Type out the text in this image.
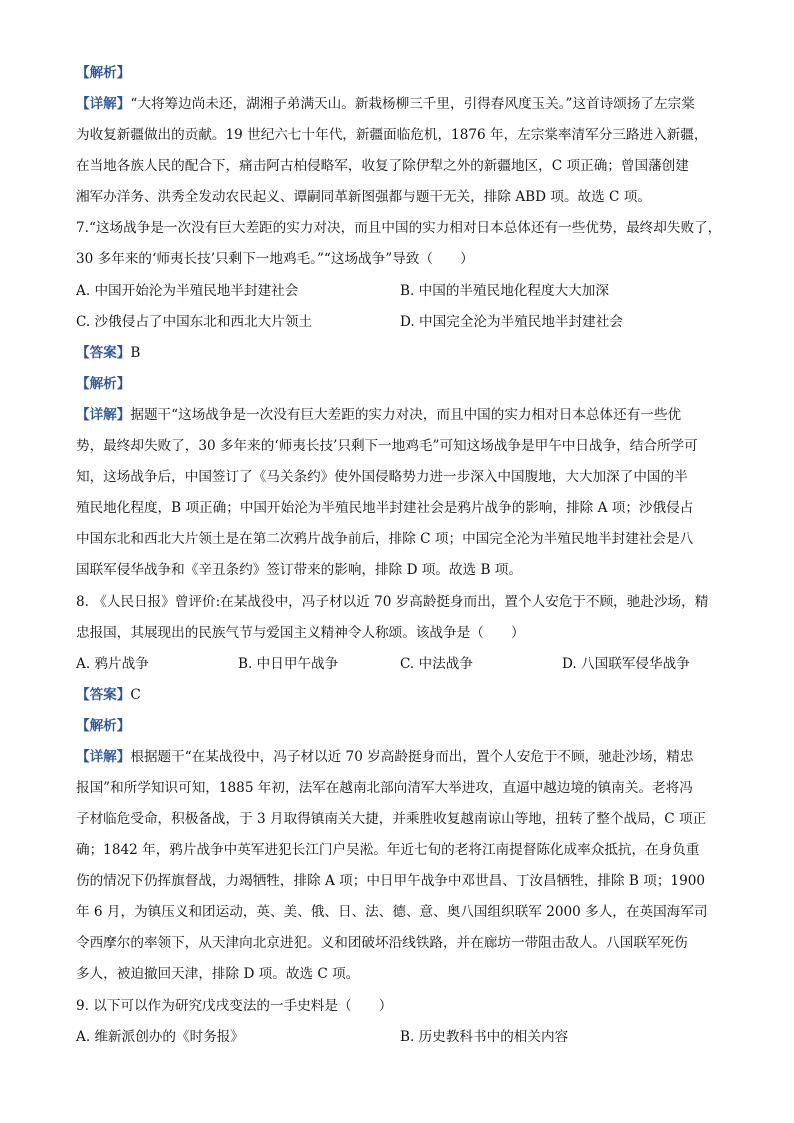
【解析】
【详解】“大将筹边尚未还，湖湘子弟满天山。新栽杨柳三千里，引得春风度玉关。”这首诗颂扬了左宗棠
为收复新疆做出的贡献。19 世纪六七十年代，新疆面临危机，1876 年，左宗棠率清军分三路进入新疆，
在当地各族人民的配合下，痛击阿古柏侵略军，收复了除伊犁之外的新疆地区，C 项正确；曾国藩创建
湘军办洋务、洪秀全发动农民起义、谭嗣同革新图强都与题干无关，排除 ABD 项。故选 C 项。
7.“这场战争是一次没有巨大差距的实力对决，而且中国的实力相对日本总体还有一些优势，最终却失败了，
30 多年来的‘师夷长技’只剩下一地鸡毛。”“这场战争”导致（　　）
A. 中国开始沦为半殖民地半封建社会	B. 中国的半殖民地化程度大大加深
C. 沙俄侵占了中国东北和西北大片领土	D. 中国完全沦为半殖民地半封建社会
【答案】B
【解析】
【详解】据题干“这场战争是一次没有巨大差距的实力对决，而且中国的实力相对日本总体还有一些优
势，最终却失败了，30 多年来的‘师夷长技’只剩下一地鸡毛”可知这场战争是甲午中日战争，结合所学可
知，这场战争后，中国签订了《马关条约》使外国侵略势力进一步深入中国腹地，大大加深了中国的半
殖民地化程度，B 项正确；中国开始沦为半殖民地半封建社会是鸦片战争的影响，排除 A 项；沙俄侵占
中国东北和西北大片领土是在第二次鸦片战争前后，排除 C 项；中国完全沦为半殖民地半封建社会是八
国联军侵华战争和《辛丑条约》签订带来的影响，排除 D 项。故选 B 项。
8. 《人民日报》曾评价:在某战役中，冯子材以近 70 岁高龄挺身而出，置个人安危于不顾，驰赴沙场，精
忠报国，其展现出的民族气节与爱国主义精神令人称颂。该战争是（　　）
A. 鸦片战争	B. 中日甲午战争	C. 中法战争	D. 八国联军侵华战争
【答案】C
【解析】
【详解】根据题干“在某战役中，冯子材以近 70 岁高龄挺身而出，置个人安危于不顾，驰赴沙场，精忠
报国”和所学知识可知，1885 年初，法军在越南北部向清军大举进攻，直逼中越边境的镇南关。老将冯
子材临危受命，积极备战，于 3 月取得镇南关大捷，并乘胜收复越南谅山等地，扭转了整个战局，C 项正
确；1842 年，鸦片战争中英军进犯长江门户吴淞。年近七旬的老将江南提督陈化成率众抵抗，在身负重
伤的情况下仍挥旗督战，力竭牺牲，排除 A 项；中日甲午战争中邓世昌、丁汝昌牺牲，排除 B 项；1900
年 6 月，为镇压义和团运动，英、美、俄、日、法、德、意、奥八国组织联军 2000 多人，在英国海军司
令西摩尔的率领下，从天津向北京进犯。义和团破坏沿线铁路，并在廊坊一带阻击敌人。八国联军死伤
多人，被迫撤回天津，排除 D 项。故选 C 项。
9. 以下可以作为研究戊戌变法的一手史料是（　　）
A. 维新派创办的《时务报》	B. 历史教科书中的相关内容
